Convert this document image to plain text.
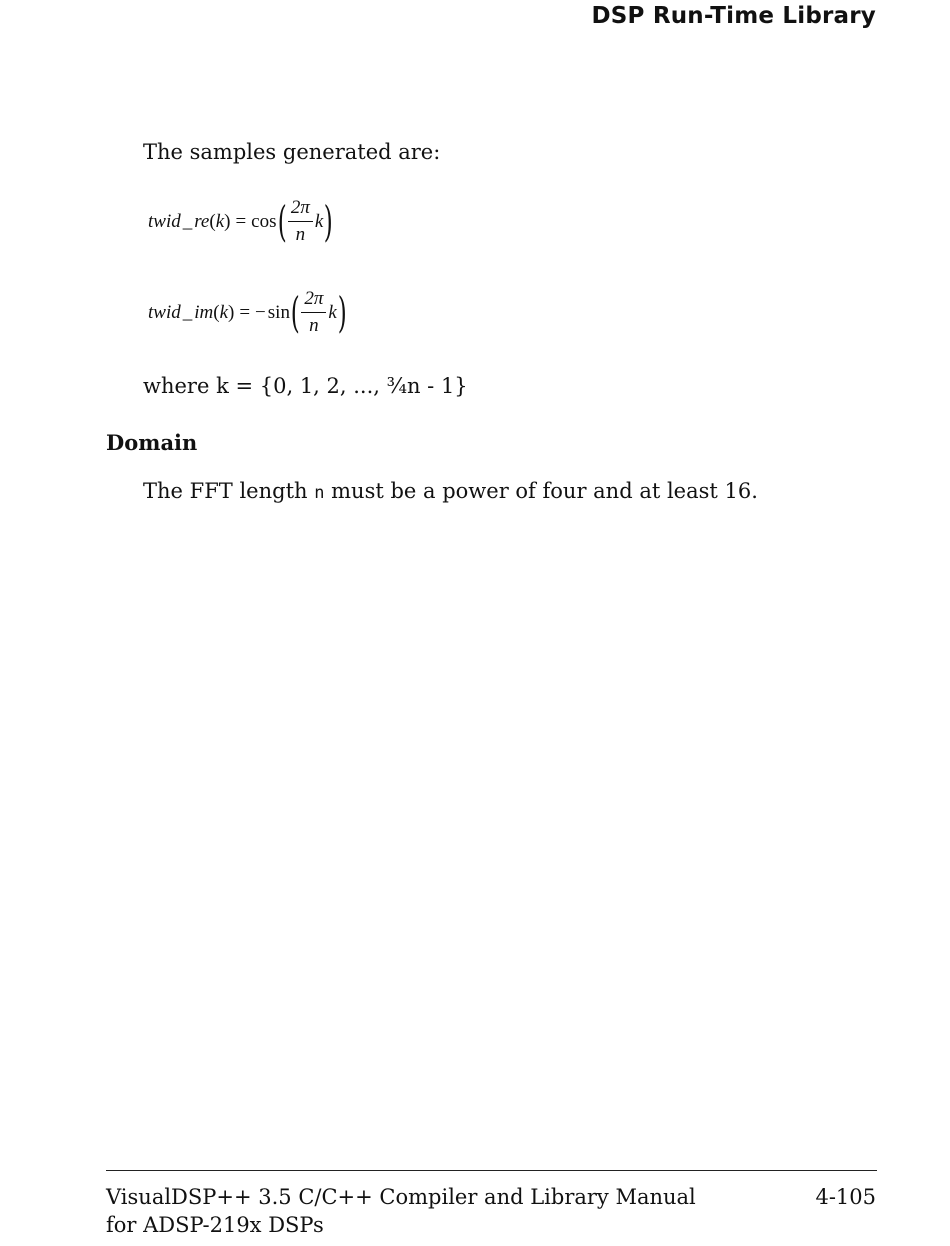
DSP Run-Time Library
The samples generated are:
twid _ re ( k ) = cos ( $\frac{2\pi}{n}$ k )
twid _ im ( k ) = − sin ( $\frac{2\pi}{n}$ k )
where k = {0, 1, 2, ..., ¾n - 1}
Domain
The FFT length n must be a power of four and at least 16.
VisualDSP++ 3.5 C/C++ Compiler and Library Manual
for ADSP-219x DSPs
4-105
